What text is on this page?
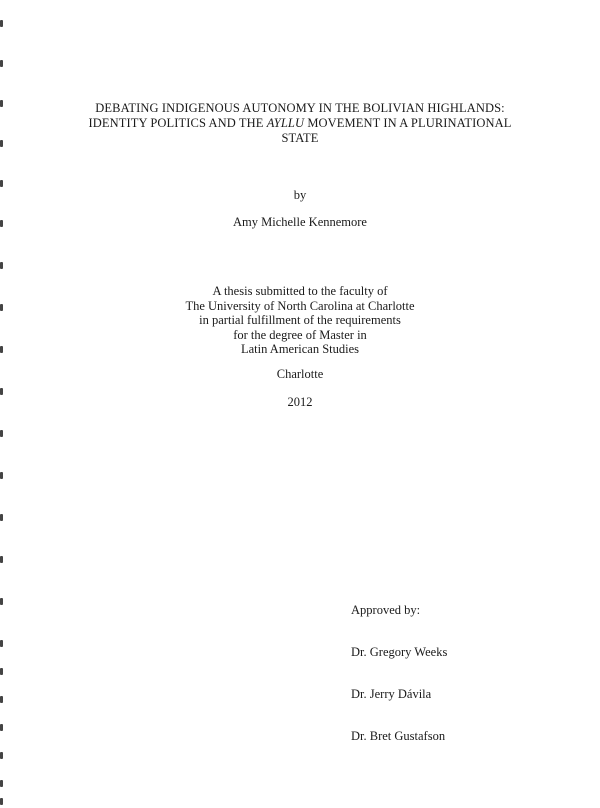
DEBATING INDIGENOUS AUTONOMY IN THE BOLIVIAN HIGHLANDS:
IDENTITY POLITICS AND THE AYLLU MOVEMENT IN A PLURINATIONAL
STATE
by
Amy Michelle Kennemore
A thesis submitted to the faculty of
The University of North Carolina at Charlotte
in partial fulfillment of the requirements
for the degree of Master in
Latin American Studies
Charlotte
2012
Approved by:
Dr. Gregory Weeks
Dr. Jerry Dávila
Dr. Bret Gustafson
